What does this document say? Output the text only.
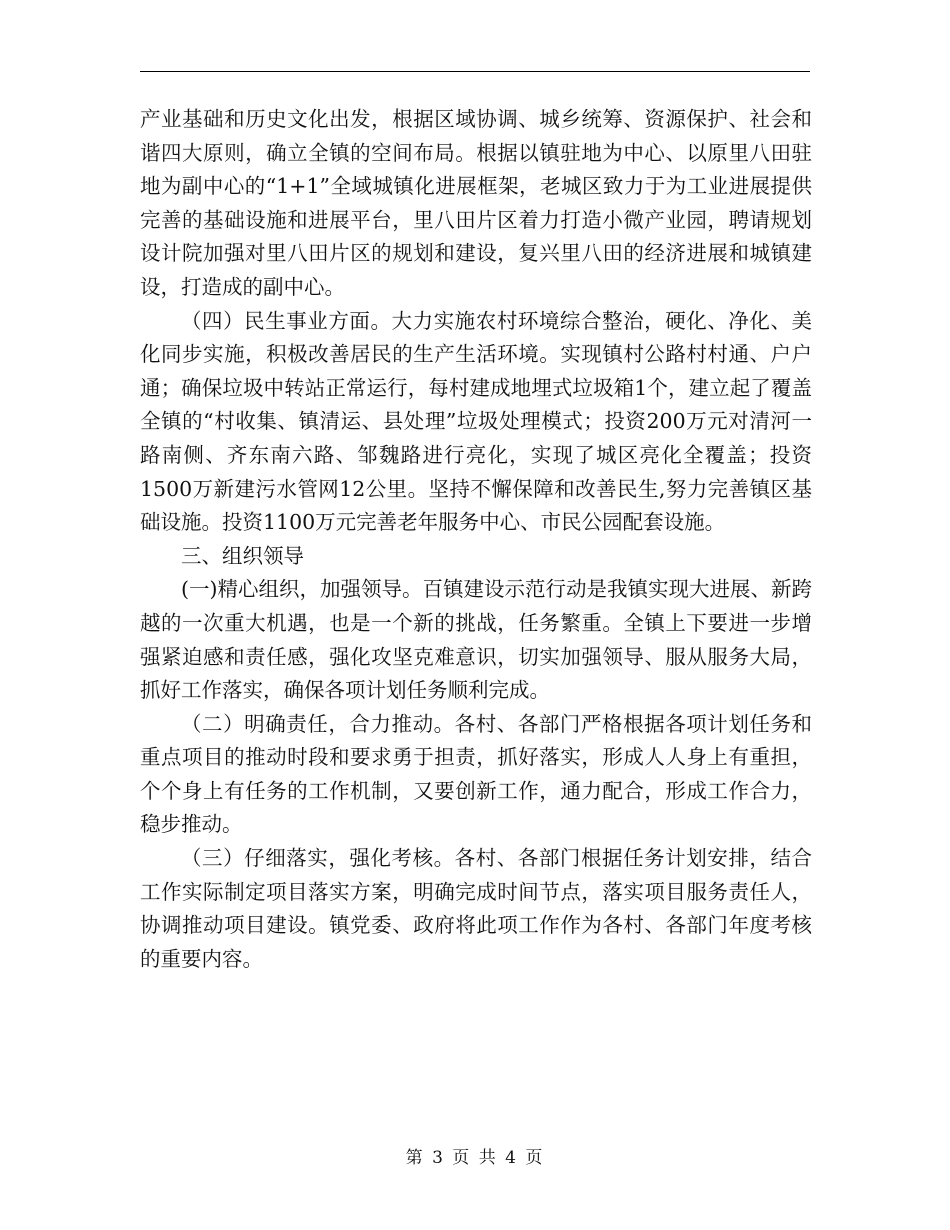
产业基础和历史文化出发，根据区域协调、城乡统筹、资源保护、社会和谐四大原则，确立全镇的空间布局。根据以镇驻地为中心、以原里八田驻地为副中心的“1+1”全域城镇化进展框架，老城区致力于为工业进展提供完善的基础设施和进展平台，里八田片区着力打造小微产业园，聘请规划设计院加强对里八田片区的规划和建设，复兴里八田的经济进展和城镇建设，打造成的副中心。

（四）民生事业方面。大力实施农村环境综合整治，硬化、净化、美化同步实施，积极改善居民的生产生活环境。实现镇村公路村村通、户户通；确保垃圾中转站正常运行，每村建成地埋式垃圾箱1个，建立起了覆盖全镇的“村收集、镇清运、县处理”垃圾处理模式；投资200万元对清河一路南侧、齐东南六路、邹魏路进行亮化，实现了城区亮化全覆盖；投资1500万新建污水管网12公里。坚持不懈保障和改善民生,努力完善镇区基础设施。投资1100万元完善老年服务中心、市民公园配套设施。

三、组织领导

(一)精心组织，加强领导。百镇建设示范行动是我镇实现大进展、新跨越的一次重大机遇，也是一个新的挑战，任务繁重。全镇上下要进一步增强紧迫感和责任感，强化攻坚克难意识，切实加强领导、服从服务大局，抓好工作落实，确保各项计划任务顺利完成。

（二）明确责任，合力推动。各村、各部门严格根据各项计划任务和重点项目的推动时段和要求勇于担责，抓好落实，形成人人身上有重担，个个身上有任务的工作机制，又要创新工作，通力配合，形成工作合力，稳步推动。

（三）仔细落实，强化考核。各村、各部门根据任务计划安排，结合工作实际制定项目落实方案，明确完成时间节点，落实项目服务责任人，协调推动项目建设。镇党委、政府将此项工作作为各村、各部门年度考核的重要内容。

第 3 页 共 4 页
